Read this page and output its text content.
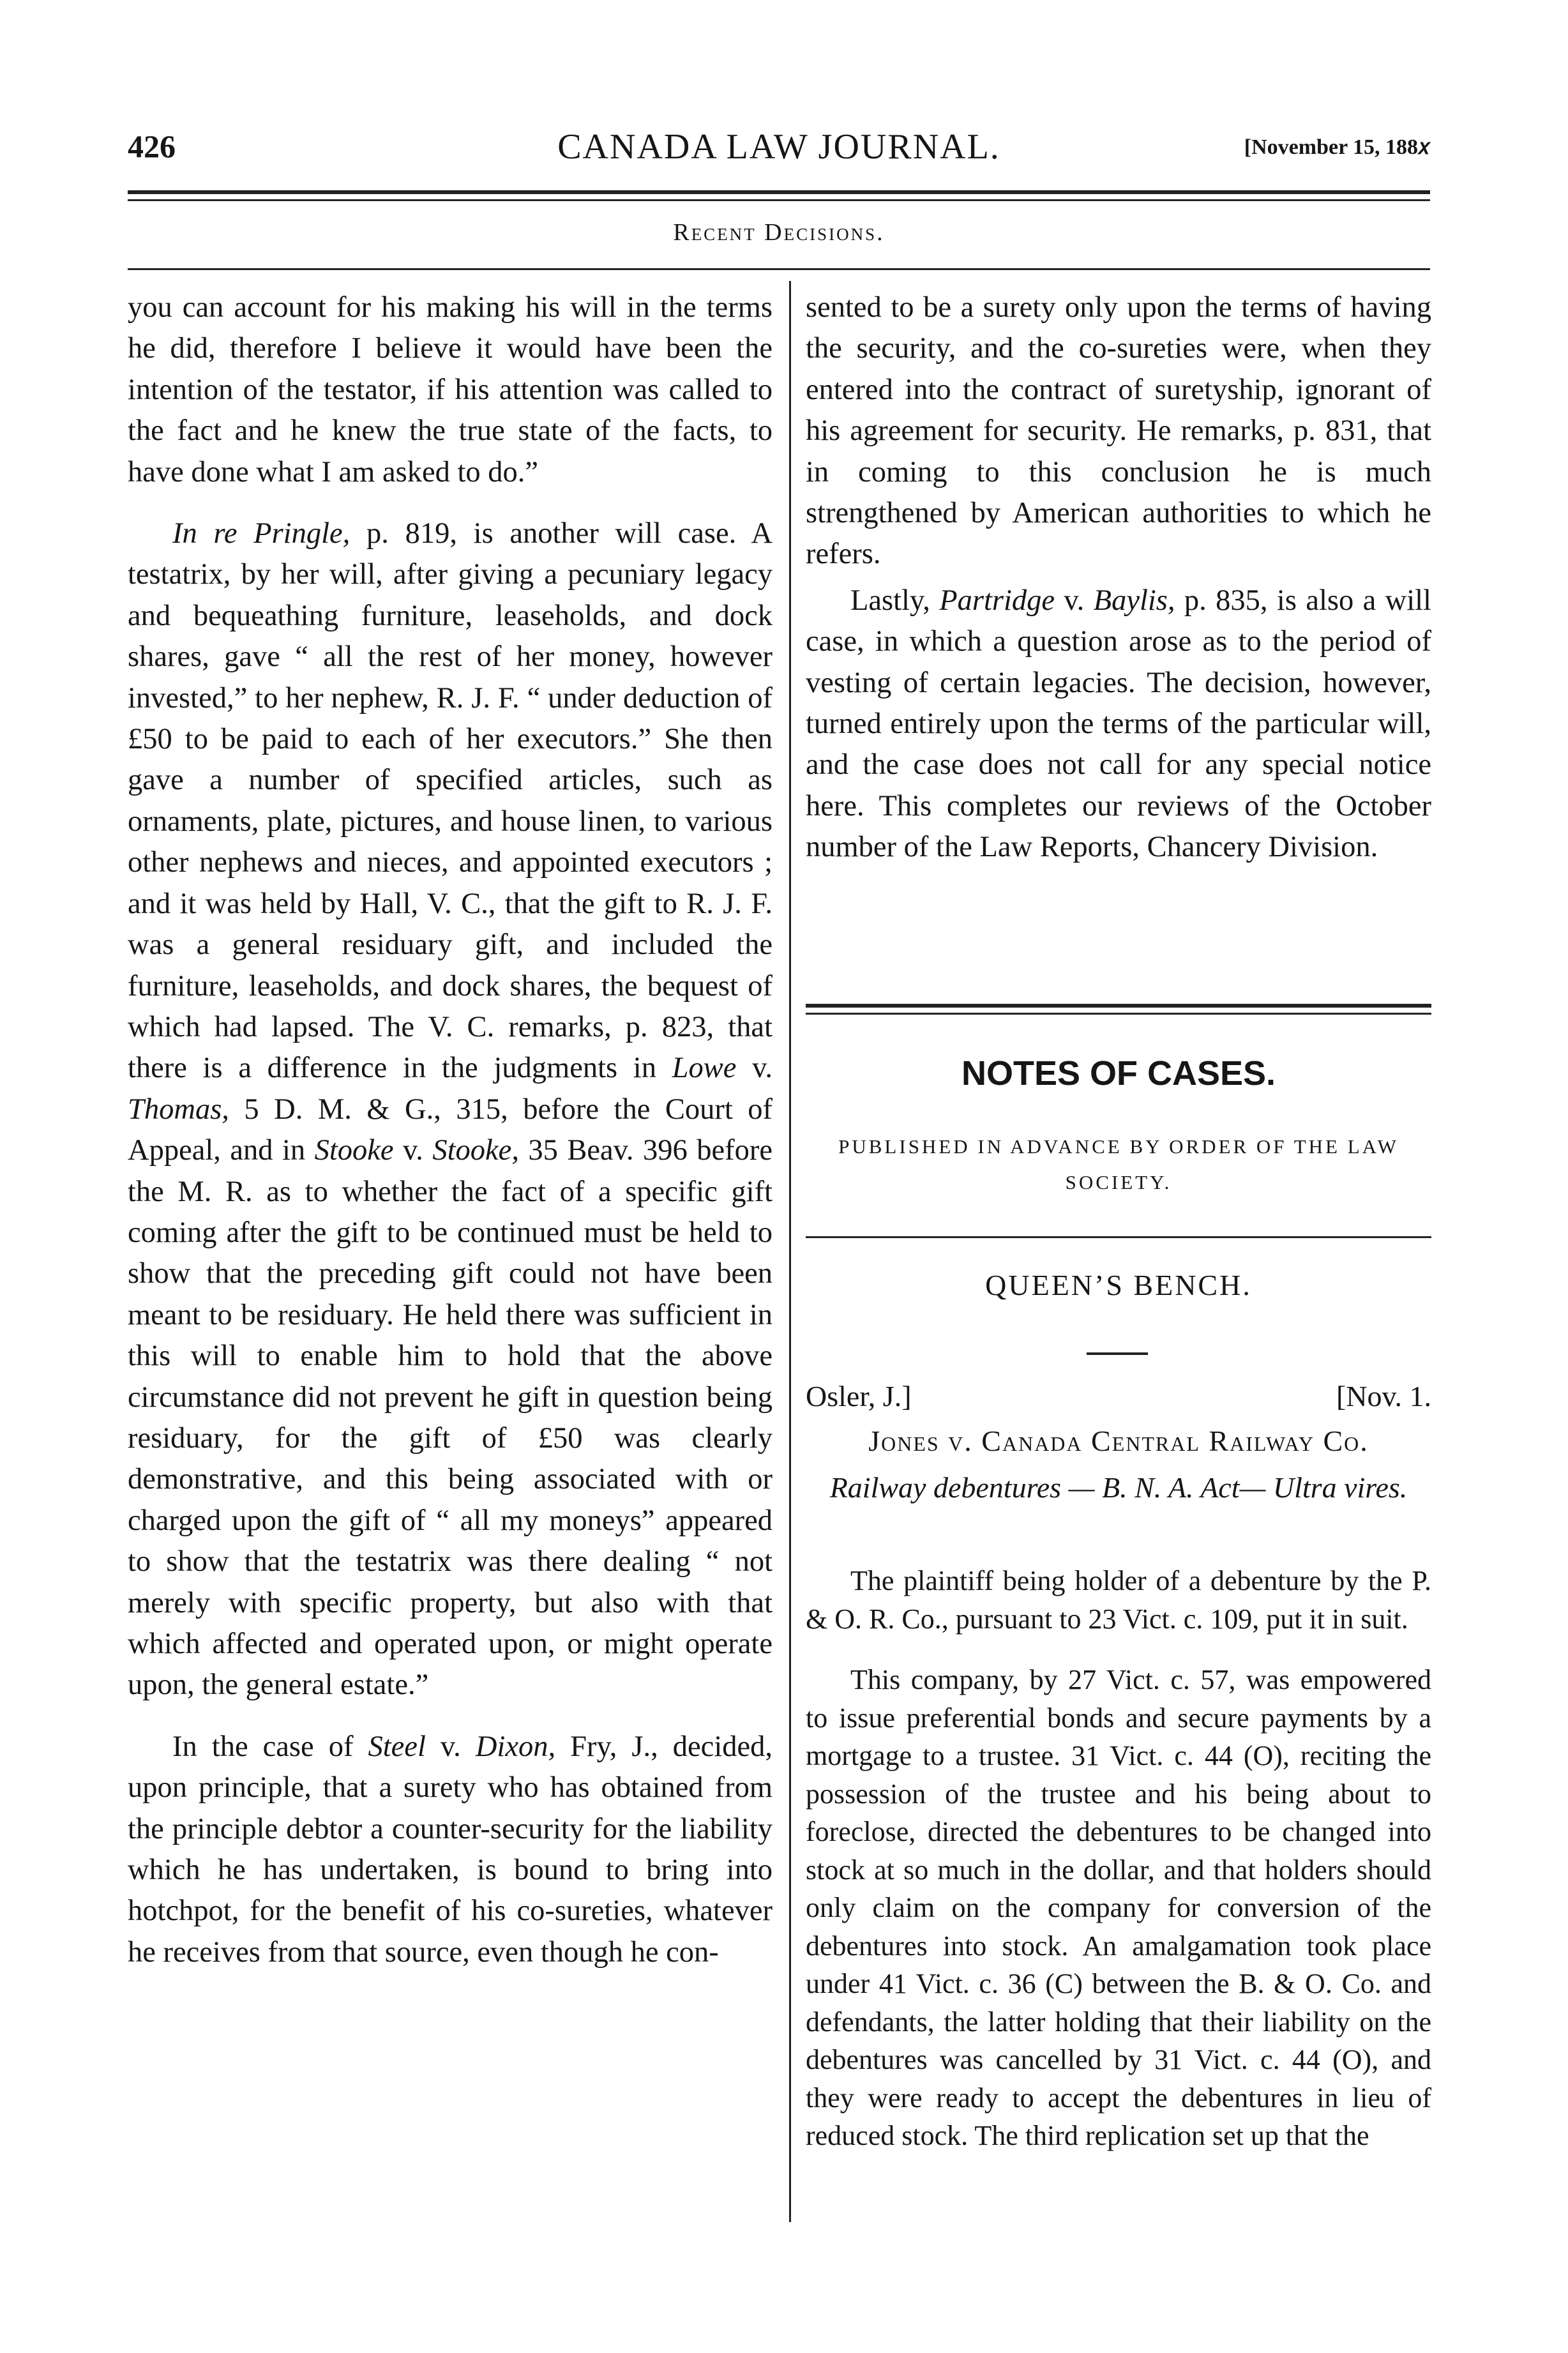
426	CANADA LAW JOURNAL.	[November 15, 188𝑥
Recent Decisions.

you can account for his making his will in the terms he did, therefore I believe it would have been the intention of the testator, if his attention was called to the fact and he knew the true state of the facts, to have done what I am asked to do.”

In re Pringle, p. 819, is another will case. A testatrix, by her will, after giving a pecuniary legacy and bequeathing furniture, leaseholds, and dock shares, gave “ all the rest of her money, however invested,” to her nephew, R. J. F. “ under deduction of £50 to be paid to each of her executors.” She then gave a number of specified articles, such as ornaments, plate, pictures, and house linen, to various other nephews and nieces, and appointed executors ; and it was held by Hall, V. C., that the gift to R. J. F. was a general residuary gift, and included the furniture, leaseholds, and dock shares, the bequest of which had lapsed. The V. C. remarks, p. 823, that there is a difference in the judgments in Lowe v. Thomas, 5 D. M. & G., 315, before the Court of Appeal, and in Stooke v. Stooke, 35 Beav. 396 before the M. R. as to whether the fact of a specific gift coming after the gift to be continued must be held to show that the preceding gift could not have been meant to be residuary. He held there was sufficient in this will to enable him to hold that the above circumstance did not prevent he gift in question being residuary, for the gift of £50 was clearly demonstrative, and this being associated with or charged upon the gift of “ all my moneys” appeared to show that the testatrix was there dealing “ not merely with specific property, but also with that which affected and operated upon, or might operate upon, the general estate.”

In the case of Steel v. Dixon, Fry, J., decided, upon principle, that a surety who has obtained from the principle debtor a counter-security for the liability which he has undertaken, is bound to bring into hotchpot, for the benefit of his co-sureties, whatever he receives from that source, even though he con-

sented to be a surety only upon the terms of having the security, and the co-sureties were, when they entered into the contract of suretyship, ignorant of his agreement for security. He remarks, p. 831, that in coming to this conclusion he is much strengthened by American authorities to which he refers.

Lastly, Partridge v. Baylis, p. 835, is also a will case, in which a question arose as to the period of vesting of certain legacies. The decision, however, turned entirely upon the terms of the particular will, and the case does not call for any special notice here. This completes our reviews of the October number of the Law Reports, Chancery Division.

NOTES OF CASES.
PUBLISHED IN ADVANCE BY ORDER OF THE LAW SOCIETY.
QUEEN’S BENCH.
Osler, J.]	[Nov. 1.
Jones v. Canada Central Railway Co.
Railway debentures — B. N. A. Act— Ultra vires.

The plaintiff being holder of a debenture by the P. & O. R. Co., pursuant to 23 Vict. c. 109, put it in suit.

This company, by 27 Vict. c. 57, was empowered to issue preferential bonds and secure payments by a mortgage to a trustee. 31 Vict. c. 44 (O), reciting the possession of the trustee and his being about to foreclose, directed the debentures to be changed into stock at so much in the dollar, and that holders should only claim on the company for conversion of the debentures into stock. An amalgamation took place under 41 Vict. c. 36 (C) between the B. & O. Co. and defendants, the latter holding that their liability on the debentures was cancelled by 31 Vict. c. 44 (O), and they were ready to accept the debentures in lieu of reduced stock. The third replication set up that the
